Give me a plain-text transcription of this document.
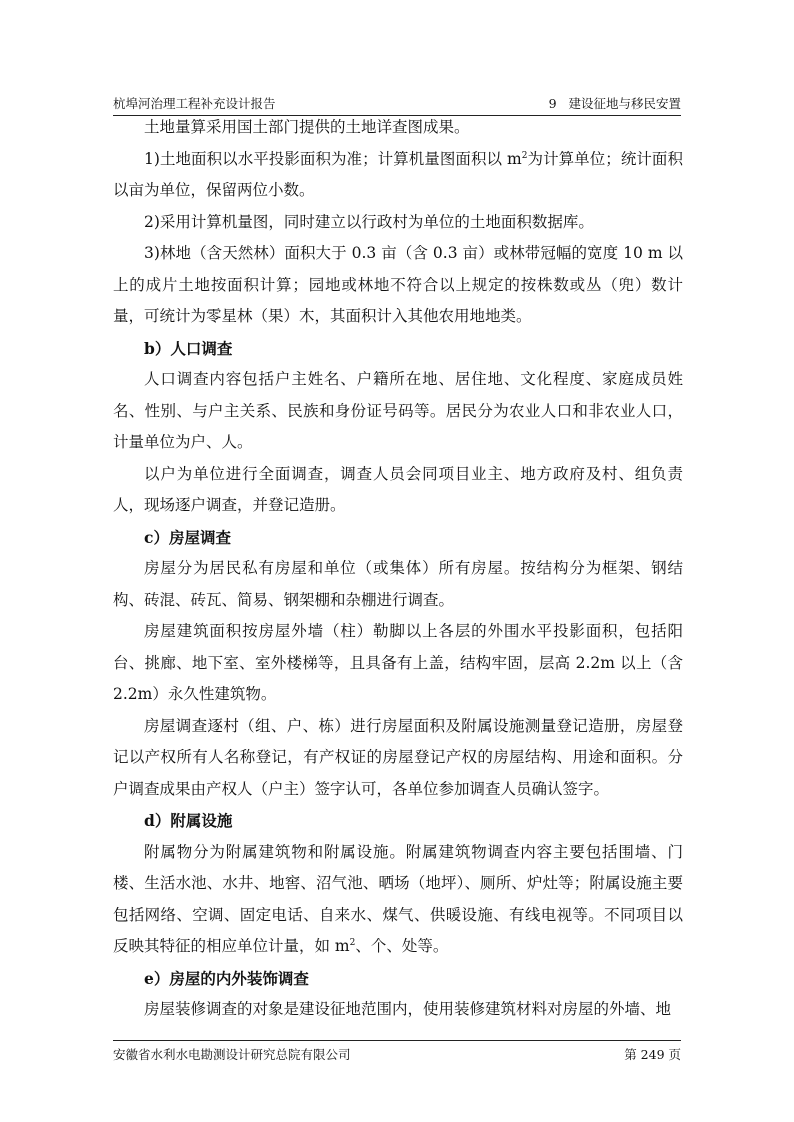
杭埠河治理工程补充设计报告	9   建设征地与移民安置

土地量算采用国土部门提供的土地详查图成果。

1)土地面积以水平投影面积为准；计算机量图面积以 $m^2$为计算单位；统计面积以亩为单位，保留两位小数。

2)采用计算机量图，同时建立以行政村为单位的土地面积数据库。

3)林地（含天然林）面积大于 0.3 亩（含 0.3 亩）或林带冠幅的宽度 10 m 以上的成片土地按面积计算；园地或林地不符合以上规定的按株数或丛（兜）数计量，可统计为零星林（果）木，其面积计入其他农用地地类。

b）人口调查

人口调查内容包括户主姓名、户籍所在地、居住地、文化程度、家庭成员姓名、性别、与户主关系、民族和身份证号码等。居民分为农业人口和非农业人口，计量单位为户、人。

以户为单位进行全面调查，调查人员会同项目业主、地方政府及村、组负责人，现场逐户调查，并登记造册。

c）房屋调查

房屋分为居民私有房屋和单位（或集体）所有房屋。按结构分为框架、钢结构、砖混、砖瓦、简易、钢架棚和杂棚进行调查。

房屋建筑面积按房屋外墙（柱）勒脚以上各层的外围水平投影面积，包括阳台、挑廊、地下室、室外楼梯等，且具备有上盖，结构牢固，层高 2.2m 以上（含 2.2m）永久性建筑物。

房屋调查逐村（组、户、栋）进行房屋面积及附属设施测量登记造册，房屋登记以产权所有人名称登记，有产权证的房屋登记产权的房屋结构、用途和面积。分户调查成果由产权人（户主）签字认可，各单位参加调查人员确认签字。

d）附属设施

附属物分为附属建筑物和附属设施。附属建筑物调查内容主要包括围墙、门楼、生活水池、水井、地窖、沼气池、晒场（地坪）、厕所、炉灶等；附属设施主要包括网络、空调、固定电话、自来水、煤气、供暖设施、有线电视等。不同项目以反映其特征的相应单位计量，如 $m^2$、个、处等。

e）房屋的内外装饰调查

房屋装修调查的对象是建设征地范围内，使用装修建筑材料对房屋的外墙、地

安徽省水利水电勘测设计研究总院有限公司	第 249 页
